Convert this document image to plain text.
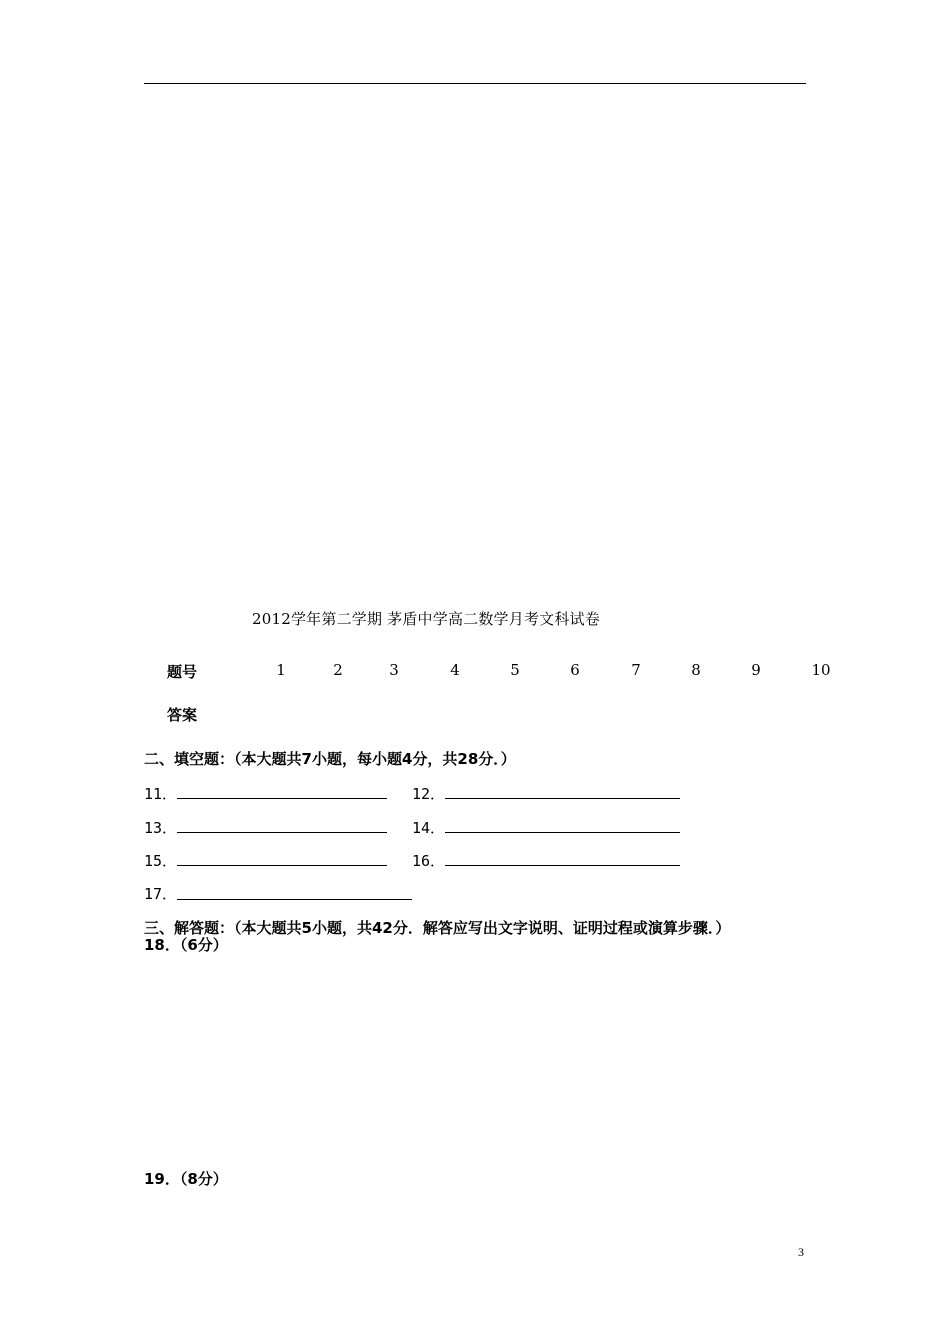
2012学年第二学期 茅盾中学高二数学月考文科试卷
题号	1	2	3	4	5	6	7	8	9	10
答案
二、填空题：（本大题共7小题，每小题4分，共28分．）
11．	12．
13．	14．
15．	16．
17．
三、解答题：（本大题共5小题，共42分．解答应写出文字说明、证明过程或演算步骤．）
18．（6分）
19．（8分）
3
